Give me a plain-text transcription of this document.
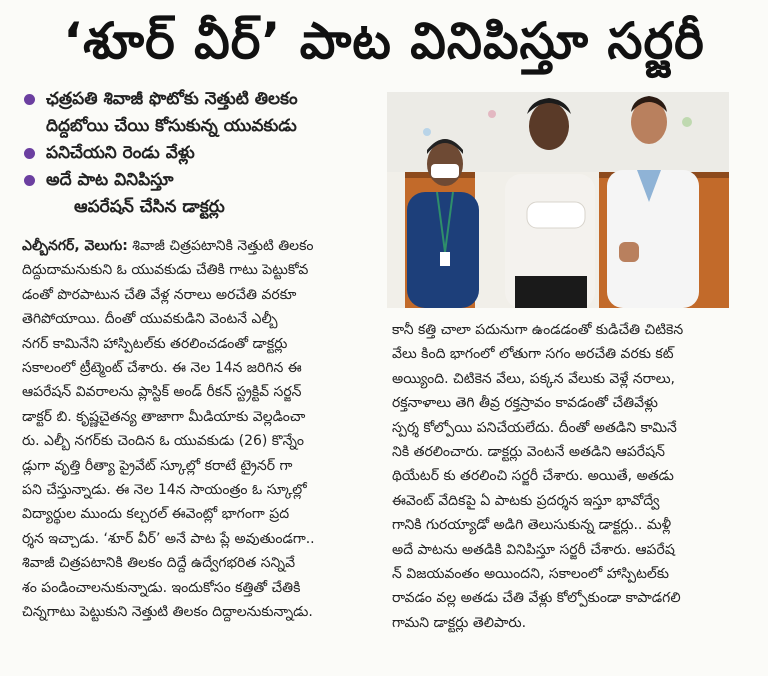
‘శూర్ వీర్’ పాట వినిపిస్తూ సర్జరీ
ఛత్రపతి శివాజీ ఫొటోకు నెత్తుటి తిలకం
దిద్దబోయి చేయి కోసుకున్న యువకుడు
పనిచేయని రెండు వేళ్లు
అదే పాట వినిపిస్తూ
ఆపరేషన్ చేసిన డాక్టర్లు
ఎల్బీనగర్, వెలుగు: శివాజీ చిత్రపటానికి నెత్తుటి తిలకం
దిద్దుదామనుకుని ఓ యువకుడు చేతికి గాటు పెట్టుకోవ
డంతో పొరపాటున చేతి వేళ్ల నరాలు అరచేతి వరకూ
తెగిపోయాయి. దీంతో యువకుడిని వెంటనే ఎల్బీ
నగర్ కామినేని హాస్పిటల్‌కు తరలించడంతో డాక్టర్లు
సకాలంలో ట్రీట్మెంట్ చేశారు. ఈ నెల 14న జరిగిన ఈ
ఆపరేషన్ వివరాలను ప్లాస్టిక్ అండ్ రీకన్ స్ట్రక్టివ్ సర్జన్
డాక్టర్ బి. కృష్ణచైతన్య తాజాగా మీడియాకు వెల్లడించా
రు. ఎల్బీ నగర్‌కు చెందిన ఓ యువకుడు (26) కొన్నేం
డ్లుగా వృత్తి రీత్యా ప్రైవేట్ స్కూల్లో కరాటే ట్రైనర్ గా
పని చేస్తున్నాడు. ఈ నెల 14న సాయంత్రం ఓ స్కూల్లో
విద్యార్థుల ముందు కల్చరల్ ఈవెంట్లో భాగంగా ప్రద
ర్శన ఇచ్చాడు. ‘శూర్ వీర్’ అనే పాట ప్లే అవుతుండగా..
శివాజీ చిత్రపటానికి తిలకం దిద్దే ఉద్వేగభరిత సన్నివే
శం పండించాలనుకున్నాడు. ఇందుకోసం కత్తితో చేతికి
చిన్నగాటు పెట్టుకుని నెత్తుటి తిలకం దిద్దాలనుకున్నాడు.
కానీ కత్తి చాలా పదునుగా ఉండడంతో కుడిచేతి చిటికెన
వేలు కింది భాగంలో లోతుగా సగం అరచేతి వరకు కట్
అయ్యింది. చిటికెన వేలు, పక్కన వేలుకు వెళ్లే నరాలు,
రక్తనాళాలు తెగి తీవ్ర రక్తస్రావం కావడంతో చేతివేళ్లు
స్పర్శ కోల్పోయి పనిచేయలేదు. దీంతో అతడిని కామినే
నికి తరలించారు. డాక్టర్లు వెంటనే అతడిని ఆపరేషన్
థియేటర్ కు తరలించి సర్జరీ చేశారు. అయితే, అతడు
ఈవెంట్ వేదికపై ఏ పాటకు ప్రదర్శన ఇస్తూ భావోద్వే
గానికి గురయ్యాడో అడిగి తెలుసుకున్న డాక్టర్లు.. మళ్లీ
అదే పాటను అతడికి వినిపిస్తూ సర్జరీ చేశారు. ఆపరేష
న్ విజయవంతం అయిందని, సకాలంలో హాస్పిటల్‌కు
రావడం వల్ల అతడు చేతి వేళ్లు కోల్పోకుండా కాపాడగలి
గామని డాక్టర్లు తెలిపారు.
